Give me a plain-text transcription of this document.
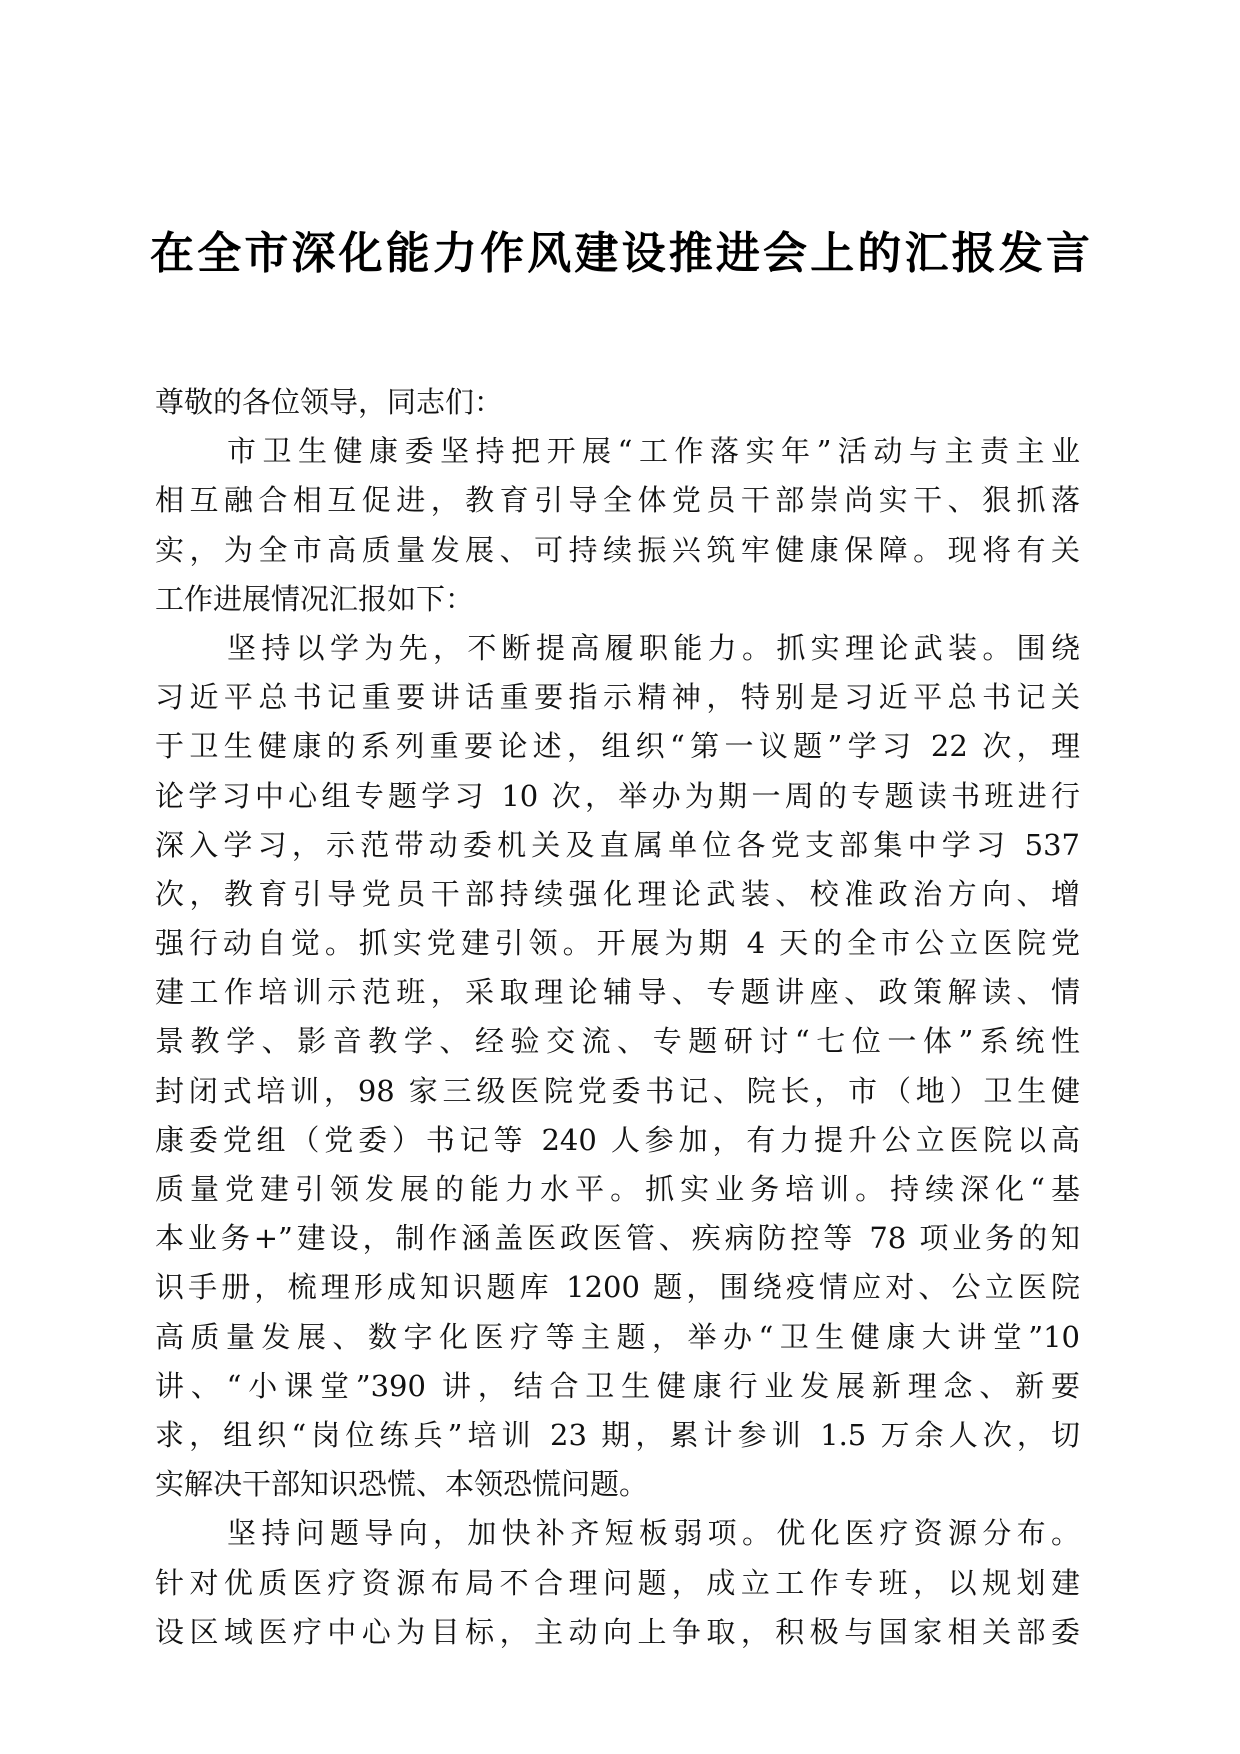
在全市深化能力作风建设推进会上的汇报发言
尊敬的各位领导，同志们：
市卫生健康委坚持把开展“工作落实年”活动与主责主业
相互融合相互促进，教育引导全体党员干部崇尚实干、狠抓落
实，为全市高质量发展、可持续振兴筑牢健康保障。现将有关
工作进展情况汇报如下：
坚持以学为先，不断提高履职能力。抓实理论武装。围绕
习近平总书记重要讲话重要指示精神，特别是习近平总书记关
于卫生健康的系列重要论述，组织“第一议题”学习 22 次，理
论学习中心组专题学习 10 次，举办为期一周的专题读书班进行
深入学习，示范带动委机关及直属单位各党支部集中学习 537
次，教育引导党员干部持续强化理论武装、校准政治方向、增
强行动自觉。抓实党建引领。开展为期 4 天的全市公立医院党
建工作培训示范班，采取理论辅导、专题讲座、政策解读、情
景教学、影音教学、经验交流、专题研讨“七位一体”系统性
封闭式培训，98 家三级医院党委书记、院长，市（地）卫生健
康委党组（党委）书记等 240 人参加，有力提升公立医院以高
质量党建引领发展的能力水平。抓实业务培训。持续深化“基
本业务+”建设，制作涵盖医政医管、疾病防控等 78 项业务的知
识手册，梳理形成知识题库 1200 题，围绕疫情应对、公立医院
高质量发展、数字化医疗等主题，举办“卫生健康大讲堂”10
讲、“小课堂”390 讲，结合卫生健康行业发展新理念、新要
求，组织“岗位练兵”培训 23 期，累计参训 1.5 万余人次，切
实解决干部知识恐慌、本领恐慌问题。
坚持问题导向，加快补齐短板弱项。优化医疗资源分布。
针对优质医疗资源布局不合理问题，成立工作专班，以规划建
设区域医疗中心为目标，主动向上争取，积极与国家相关部委
